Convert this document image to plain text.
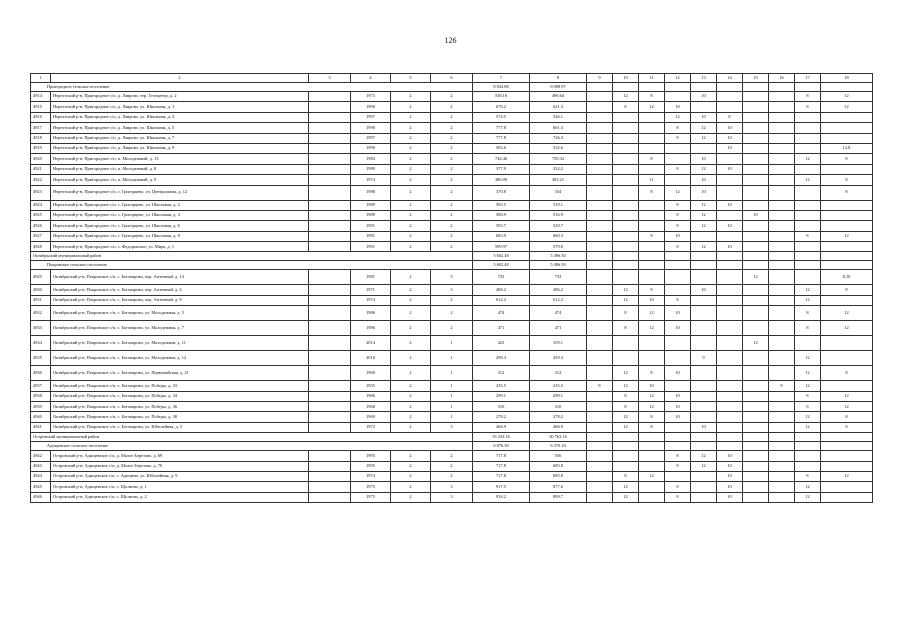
126
1	2	3	4	5	6	7	8	9	10	11	12	13	14	15	16	17	18
Пригородное сельское поселение						8 843.88	8 098.97										
4914	Нерехтский р-н, Пригородное с/п, д. Лаврово, тер. Телецентр, д. 2		1973	2	2	538.16	496.64		12	8		10				8	12
4915	Нерехтский р-н, Пригородное с/п, д. Лаврово, ул. Школьная, д. 1		1990	2	2	670.2	621.3		8	12	10					8	12
4916	Нерехтский р-н, Пригородное с/п, д. Лаврово, ул. Школьная, д. 3		1997	2	2	574.5	526.1				12	10	8				
4917	Нерехтский р-н, Пригородное с/п, д. Лаврово, ул. Школьная, д. 5		1990	2	2	777.8	601.3				8	12	10				
4918	Нерехтский р-н, Пригородное с/п, д. Лаврово, ул. Школьная, д. 7		1997	2	2	777.8	726.3				8	12	10				
4919	Нерехтский р-н, Пригородное с/п, д. Лаврово, ул. Школьная, д. 9		1990	2	2	583.6	532.6						10				12,8
4920	Нерехтский р-н, Пригородное с/п, п. Молодежный, д. 13		1984	2	2	744.46	739.32			8		10				12	8
4921	Нерехтский р-н, Пригородное с/п, п. Молодежный, д. 8		1989	2	2	377.9	332.2				8	12	10				
4922	Нерехтский р-н, Пригородное с/п, п. Молодежный, д. 9		1974	2	2	386.09	383.21			11		10				12	8
4923	Нерехтский р-н, Пригородное с/п, с. Григорцево, ул. Центральная, д. 12		1988	2	2	370.8	334			8	12	10					8
4924	Нерехтский р-н, Пригородное с/п, с. Григорцево, ул. Школьная, д. 2		1989	2	2	583.5	519.1				8	12	10				
4925	Нерехтский р-н, Пригородное с/п, с. Григорцево, ул. Школьная, д. 4		1989	2	2	580.9	516.9				8	12		10			
4926	Нерехтский р-н, Пригородное с/п, с. Григорцево, ул. Школьная, д. 6		1991	2	2	593.7	529.7				8	12	10				
4927	Нерехтский р-н, Пригородное с/п, с. Григорцево, ул. Школьная, д. 8		1991	2	2	683.9	660.3			8	10					8	12
4928	Нерехтский р-н, Пригородное с/п, с. Федоровское, ул. Мира, д. 1		1991	2	2	599.97	579.8				8	12	10				
Октябрьский муниципальный район						5 602.48	5 496.50										
Покровское сельское поселение						5 602.48	5 496.50										
4929	Октябрьский р-н, Покровское с/п, с. Боговарово, пер. Аптечный, д. 14		1981	2	3	733	733							12			8,10
4930	Октябрьский р-н, Покровское с/п, с. Боговарово, пер. Аптечный, д. 4		1971	2	3	486.2	486.2		12	8		10				12	8
4931	Октябрьский р-н, Покровское с/п, с. Боговарово, пер. Аптечный, д. 9		1974	2	2	612.2	612.2		12	10	8					12	
4932	Октябрьский р-н, Покровское с/п, с. Боговарово, ул. Молодежная, д. 5		1986	2	2	474	474		8	12	10					8	12
4933	Октябрьский р-н, Покровское с/п, с. Боговарово, ул. Молодежная, д. 7		1986	2	2	471	471		8	12	10					8	12
4934	Октябрьский р-н, Покровское с/п, с. Боговарово, ул. Молодежная, д. 11		2014	2	1	425	359.1							12			
4935	Октябрьский р-н, Покровское с/п, с. Боговарово, ул. Молодежная, д. 12		2018	2	1	499.3	459.3					9				12	
4936	Октябрьский р-н, Покровское с/п, с. Боговарово, ул. Первомайская, д. 21		1969	2	1	312	312		12	8	10					12	8
4937	Октябрьский р-н, Покровское с/п, с. Боговарово, ул. Победы, д. 33		1955	2	1	235.5	235.5	8	12	10					8	12	
4938	Октябрьский р-н, Покровское с/п, с. Боговарово, ул. Победы, д. 34		1966	2	1	299.1	299.1		8	12	10					8	12
4939	Октябрьский р-н, Покровское с/п, с. Боговарово, ул. Победы, д. 36		1968	2	1	310	310		8	12	10					8	12
4940	Октябрьский р-н, Покровское с/п, с. Боговарово, ул. Победы, д. 38		1969	2	1	278.2	278.2		12	8	10					12	8
4941	Октябрьский р-н, Покровское с/п, с. Боговарово, ул. Юбилейная, д. 5		1972	2	3	466.9	466.9		12	8		10				12	8
Островский муниципальный район						33 333.16	30 763.16										
Адищевское сельское поселение						6 876.30	6 370.10										
4942	Островский р-н, Адищевское с/п, д. Малое Березово, д. 69		1995	2	2	717.8	556				8	12	10				
4943	Островский р-н, Адищевское с/п, д. Малое Березово, д. 70		1995	2	2	717.8	685.8				8	12	10				
4944	Островский р-н, Адищевское с/п, с. Адищево, ул. Юбилейная, д. 9		1974	2	2	717.8	685.8		8	12			10			8	12
4945	Островский р-н, Адищевское с/п, с. Щолково, д. 1		1975	2	3	917.5	877.6		12		8		10			12	
4946	Островский р-н, Адищевское с/п, с. Щолково, д. 2		1975	2	3	934.2	899.7		12		8		10			12	
